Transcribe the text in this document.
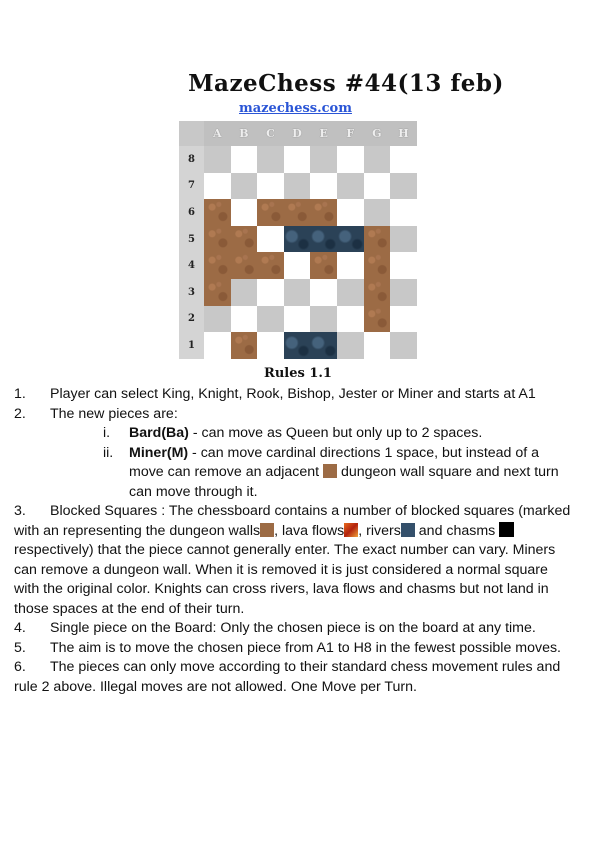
MazeChess #44(13 feb)
mazechess.com
A	B	C	D	E	F	G	H
8
7
6
5
4
3
2
1
Rules 1.1
1.	Player can select King, Knight, Rook, Bishop, Jester or Miner and starts at A1
2.	The new pieces are:
i. Bard(Ba) - can move as Queen but only up to 2 spaces.
ii. Miner(M) - can move cardinal directions 1 space, but instead of a move can remove an adjacent  dungeon wall square and next turn can move through it.
3. Blocked Squares : The chessboard contains a number of blocked squares (marked with an representing the dungeon walls , lava flows , rivers and chasms respectively) that the piece cannot generally enter. The exact number can vary. Miners can remove a dungeon wall. When it is removed it is just considered a normal square with the original color. Knights can cross rivers, lava flows and chasms but not land in those spaces at the end of their turn.
4.	Single piece on the Board: Only the chosen piece is on the board at any time.
5. The aim is to move the chosen piece from A1 to H8 in the fewest possible moves.
6. The pieces can only move according to their standard chess movement rules and rule 2 above. Illegal moves are not allowed. One Move per Turn.
